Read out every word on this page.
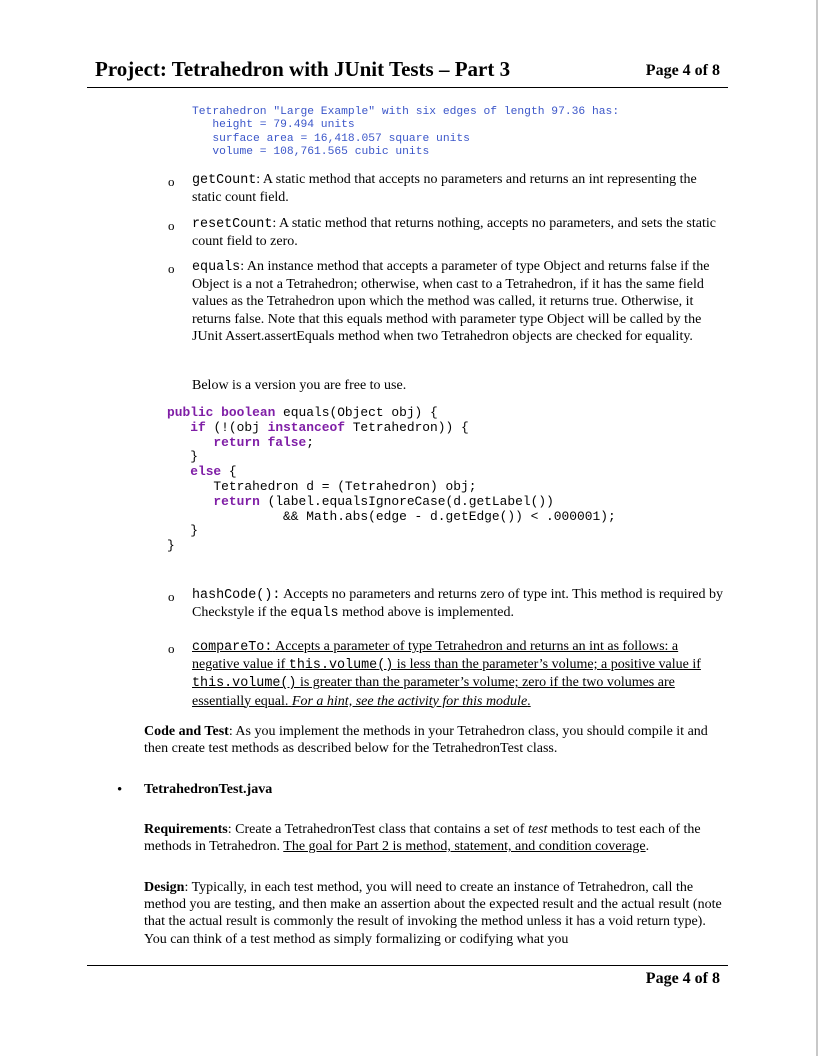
Project: Tetrahedron with JUnit Tests – Part 3	Page 4 of 8
Tetrahedron "Large Example" with six edges of length 97.36 has:
height = 79.494 units
surface area = 16,418.057 square units
volume = 108,761.565 cubic units
o getCount: A static method that accepts no parameters and returns an int representing the static count field.
o resetCount: A static method that returns nothing, accepts no parameters, and sets the static count field to zero.
o equals: An instance method that accepts a parameter of type Object and returns false if the Object is a not a Tetrahedron; otherwise, when cast to a Tetrahedron, if it has the same field values as the Tetrahedron upon which the method was called, it returns true. Otherwise, it returns false. Note that this equals method with parameter type Object will be called by the JUnit Assert.assertEquals method when two Tetrahedron objects are checked for equality.
Below is a version you are free to use.
public boolean equals(Object obj) {
if (!(obj instanceof Tetrahedron)) {
return false;
}
else {
Tetrahedron d = (Tetrahedron) obj;
return (label.equalsIgnoreCase(d.getLabel())
&& Math.abs(edge - d.getEdge()) < .000001);
}
}
o hashCode(): Accepts no parameters and returns zero of type int. This method is required by Checkstyle if the equals method above is implemented.
o compareTo: Accepts a parameter of type Tetrahedron and returns an int as follows: a negative value if this.volume() is less than the parameter’s volume; a positive value if this.volume() is greater than the parameter’s volume; zero if the two volumes are essentially equal. For a hint, see the activity for this module.
Code and Test: As you implement the methods in your Tetrahedron class, you should compile it and then create test methods as described below for the TetrahedronTest class.
• TetrahedronTest.java
Requirements: Create a TetrahedronTest class that contains a set of test methods to test each of the methods in Tetrahedron. The goal for Part 2 is method, statement, and condition coverage.
Design: Typically, in each test method, you will need to create an instance of Tetrahedron, call the method you are testing, and then make an assertion about the expected result and the actual result (note that the actual result is commonly the result of invoking the method unless it has a void return type). You can think of a test method as simply formalizing or codifying what you
Page 4 of 8
